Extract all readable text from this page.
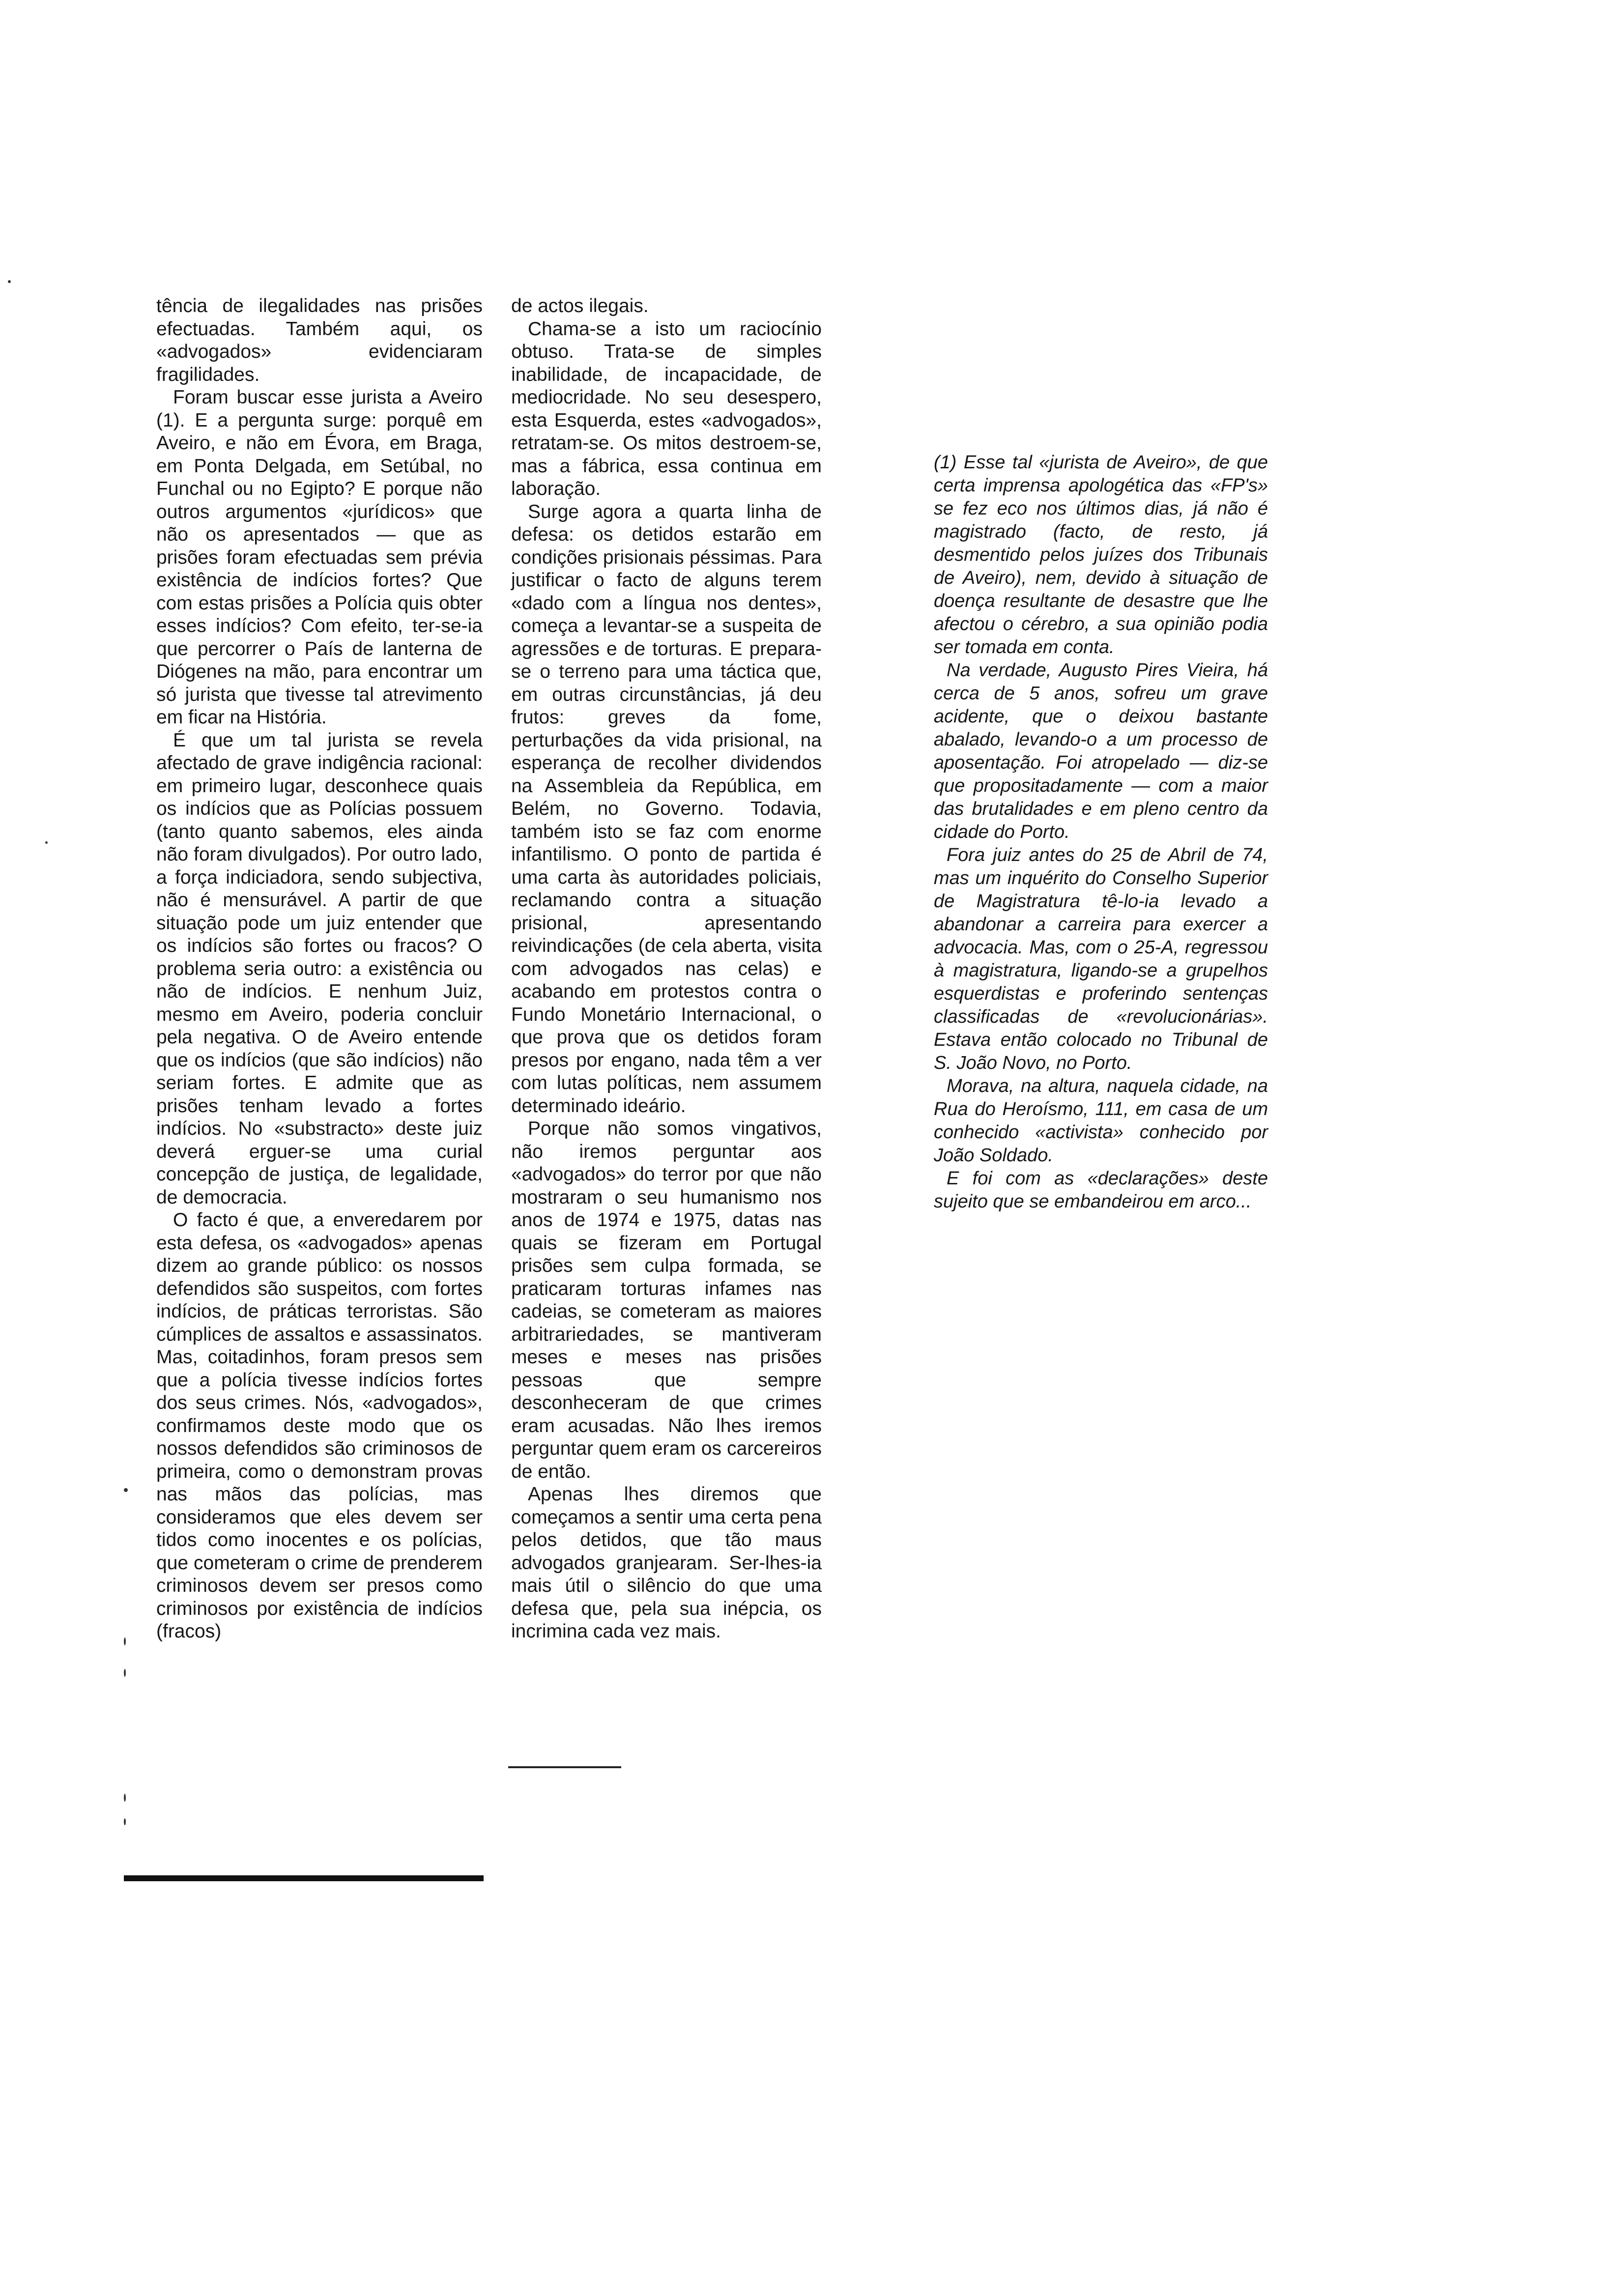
tência de ilegalidades nas prisões efectuadas. Também aqui, os «advogados» evidenciaram fragilidades.

Foram buscar esse jurista a Aveiro (1). E a pergunta surge: porquê em Aveiro, e não em Évora, em Braga, em Ponta Delgada, em Setúbal, no Funchal ou no Egipto? E porque não outros argumentos «jurídicos» que não os apresentados — que as prisões foram efectuadas sem prévia existência de indícios fortes? Que com estas prisões a Polícia quis obter esses indícios? Com efeito, ter-se-ia que percorrer o País de lanterna de Diógenes na mão, para encontrar um só jurista que tivesse tal atrevimento em ficar na História.

É que um tal jurista se revela afectado de grave indigência racional: em primeiro lugar, desconhece quais os indícios que as Polícias possuem (tanto quanto sabemos, eles ainda não foram divulgados). Por outro lado, a força indiciadora, sendo subjectiva, não é mensurável. A partir de que situação pode um juiz entender que os indícios são fortes ou fracos? O problema seria outro: a existência ou não de indícios. E nenhum Juiz, mesmo em Aveiro, poderia concluir pela negativa. O de Aveiro entende que os indícios (que são indícios) não seriam fortes. E admite que as prisões tenham levado a fortes indícios. No «substracto» deste juiz deverá erguer-se uma curial concepção de justiça, de legalidade, de democracia.

O facto é que, a enveredarem por esta defesa, os «advogados» apenas dizem ao grande público: os nossos defendidos são suspeitos, com fortes indícios, de práticas terroristas. São cúmplices de assaltos e assassinatos. Mas, coitadinhos, foram presos sem que a polícia tivesse indícios fortes dos seus crimes. Nós, «advogados», confirmamos deste modo que os nossos defendidos são criminosos de primeira, como o demonstram provas nas mãos das polícias, mas consideramos que eles devem ser tidos como inocentes e os polícias, que cometeram o crime de prenderem criminosos devem ser presos como criminosos por existência de indícios (fracos)

de actos ilegais.

Chama-se a isto um raciocínio obtuso. Trata-se de simples inabilidade, de incapacidade, de mediocridade. No seu desespero, esta Esquerda, estes «advogados», retratam-se. Os mitos destroem-se, mas a fábrica, essa continua em laboração.

Surge agora a quarta linha de defesa: os detidos estarão em condições prisionais péssimas. Para justificar o facto de alguns terem «dado com a língua nos dentes», começa a levantar-se a suspeita de agressões e de torturas. E prepara-se o terreno para uma táctica que, em outras circunstâncias, já deu frutos: greves da fome, perturbações da vida prisional, na esperança de recolher dividendos na Assembleia da República, em Belém, no Governo. Todavia, também isto se faz com enorme infantilismo. O ponto de partida é uma carta às autoridades policiais, reclamando contra a situação prisional, apresentando reivindicações (de cela aberta, visita com advogados nas celas) e acabando em protestos contra o Fundo Monetário Internacional, o que prova que os detidos foram presos por engano, nada têm a ver com lutas políticas, nem assumem determinado ideário.

Porque não somos vingativos, não iremos perguntar aos «advogados» do terror por que não mostraram o seu humanismo nos anos de 1974 e 1975, datas nas quais se fizeram em Portugal prisões sem culpa formada, se praticaram torturas infames nas cadeias, se cometeram as maiores arbitrariedades, se mantiveram meses e meses nas prisões pessoas que sempre desconheceram de que crimes eram acusadas. Não lhes iremos perguntar quem eram os carcereiros de então.

Apenas lhes diremos que começamos a sentir uma certa pena pelos detidos, que tão maus advogados granjearam. Ser-lhes-ia mais útil o silêncio do que uma defesa que, pela sua inépcia, os incrimina cada vez mais.

(1) Esse tal «jurista de Aveiro», de que certa imprensa apologética das «FP's» se fez eco nos últimos dias, já não é magistrado (facto, de resto, já desmentido pelos juízes dos Tribunais de Aveiro), nem, devido à situação de doença resultante de desastre que lhe afectou o cérebro, a sua opinião podia ser tomada em conta.

Na verdade, Augusto Pires Vieira, há cerca de 5 anos, sofreu um grave acidente, que o deixou bastante abalado, levando-o a um processo de aposentação. Foi atropelado — diz-se que propositadamente — com a maior das brutalidades e em pleno centro da cidade do Porto.

Fora juiz antes do 25 de Abril de 74, mas um inquérito do Conselho Superior de Magistratura tê-lo-ia levado a abandonar a carreira para exercer a advocacia. Mas, com o 25-A, regressou à magistratura, ligando-se a grupelhos esquerdistas e proferindo sentenças classificadas de «revolucionárias». Estava então colocado no Tribunal de S. João Novo, no Porto.

Morava, na altura, naquela cidade, na Rua do Heroísmo, 111, em casa de um conhecido «activista» conhecido por João Soldado.

E foi com as «declarações» deste sujeito que se embandeirou em arco...
